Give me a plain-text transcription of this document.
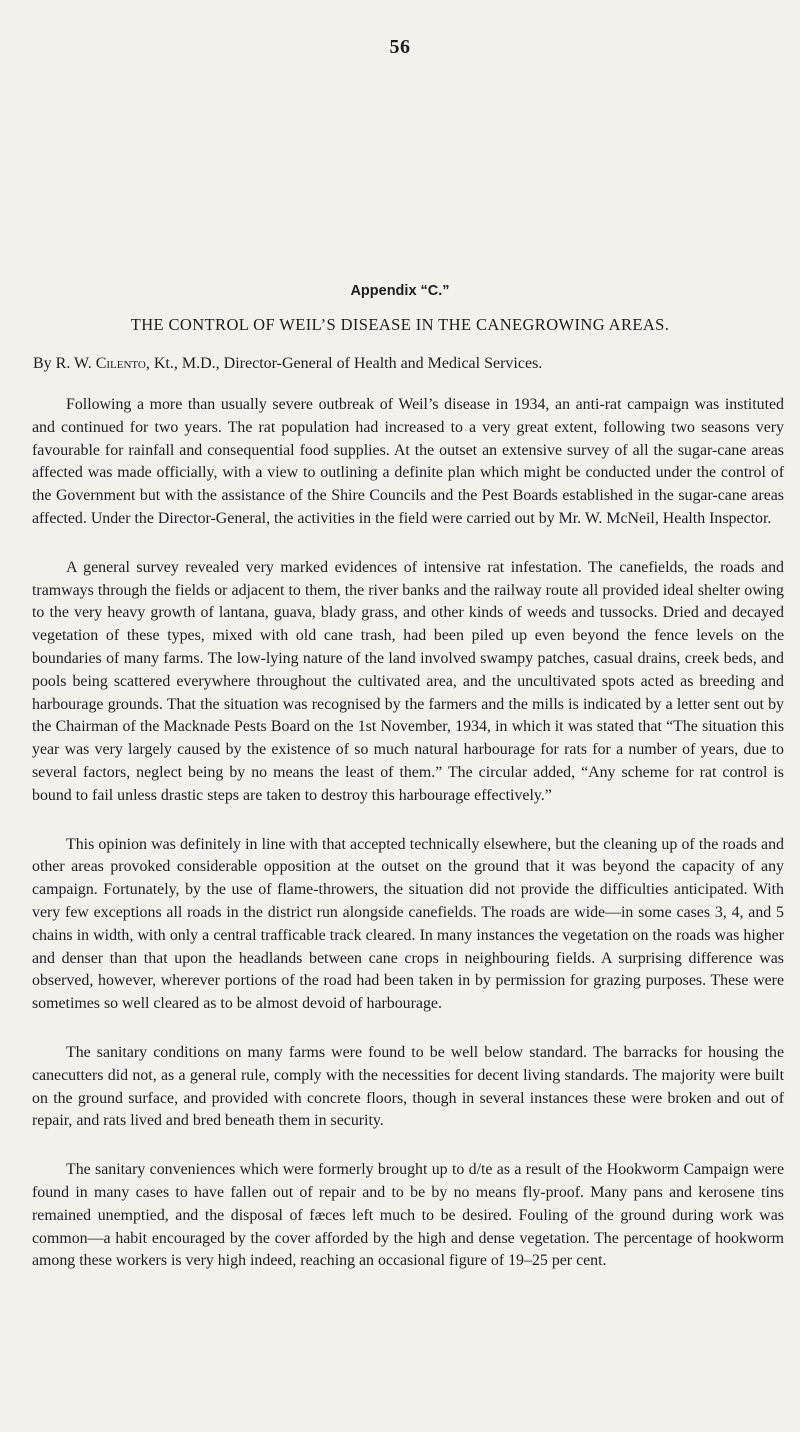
56
Appendix “C.”
THE CONTROL OF WEIL’S DISEASE IN THE CANEGROWING AREAS.
By R. W. Cilento, Kt., M.D., Director-General of Health and Medical Services.

Following a more than usually severe outbreak of Weil’s disease in 1934, an anti-rat campaign was instituted and continued for two years. The rat population had increased to a very great extent, following two seasons very favourable for rainfall and consequential food supplies. At the outset an extensive survey of all the sugar-cane areas affected was made officially, with a view to outlining a definite plan which might be conducted under the control of the Government but with the assistance of the Shire Councils and the Pest Boards established in the sugar-cane areas affected. Under the Director-General, the activities in the field were carried out by Mr. W. McNeil, Health Inspector.

A general survey revealed very marked evidences of intensive rat infestation. The canefields, the roads and tramways through the fields or adjacent to them, the river banks and the railway route all provided ideal shelter owing to the very heavy growth of lantana, guava, blady grass, and other kinds of weeds and tussocks. Dried and decayed vegetation of these types, mixed with old cane trash, had been piled up even beyond the fence levels on the boundaries of many farms. The low-lying nature of the land involved swampy patches, casual drains, creek beds, and pools being scattered everywhere throughout the cultivated area, and the uncultivated spots acted as breeding and harbourage grounds. That the situation was recognised by the farmers and the mills is indicated by a letter sent out by the Chairman of the Macknade Pests Board on the 1st November, 1934, in which it was stated that “The situation this year was very largely caused by the existence of so much natural harbourage for rats for a number of years, due to several factors, neglect being by no means the least of them.” The circular added, “Any scheme for rat control is bound to fail unless drastic steps are taken to destroy this harbourage effectively.”

This opinion was definitely in line with that accepted technically elsewhere, but the cleaning up of the roads and other areas provoked considerable opposition at the outset on the ground that it was beyond the capacity of any campaign. Fortunately, by the use of flame-throwers, the situation did not provide the difficulties anticipated. With very few exceptions all roads in the district run alongside canefields. The roads are wide—in some cases 3, 4, and 5 chains in width, with only a central trafficable track cleared. In many instances the vegetation on the roads was higher and denser than that upon the headlands between cane crops in neighbouring fields. A surprising difference was observed, however, wherever portions of the road had been taken in by permission for grazing purposes. These were sometimes so well cleared as to be almost devoid of harbourage.

The sanitary conditions on many farms were found to be well below standard. The barracks for housing the canecutters did not, as a general rule, comply with the necessities for decent living standards. The majority were built on the ground surface, and provided with concrete floors, though in several instances these were broken and out of repair, and rats lived and bred beneath them in security.

The sanitary conveniences which were formerly brought up to d/te as a result of the Hookworm Campaign were found in many cases to have fallen out of repair and to be by no means fly-proof. Many pans and kerosene tins remained unemptied, and the disposal of fæces left much to be desired. Fouling of the ground during work was common—a habit encouraged by the cover afforded by the high and dense vegetation. The percentage of hookworm among these workers is very high indeed, reaching an occasional figure of 19–25 per cent.
